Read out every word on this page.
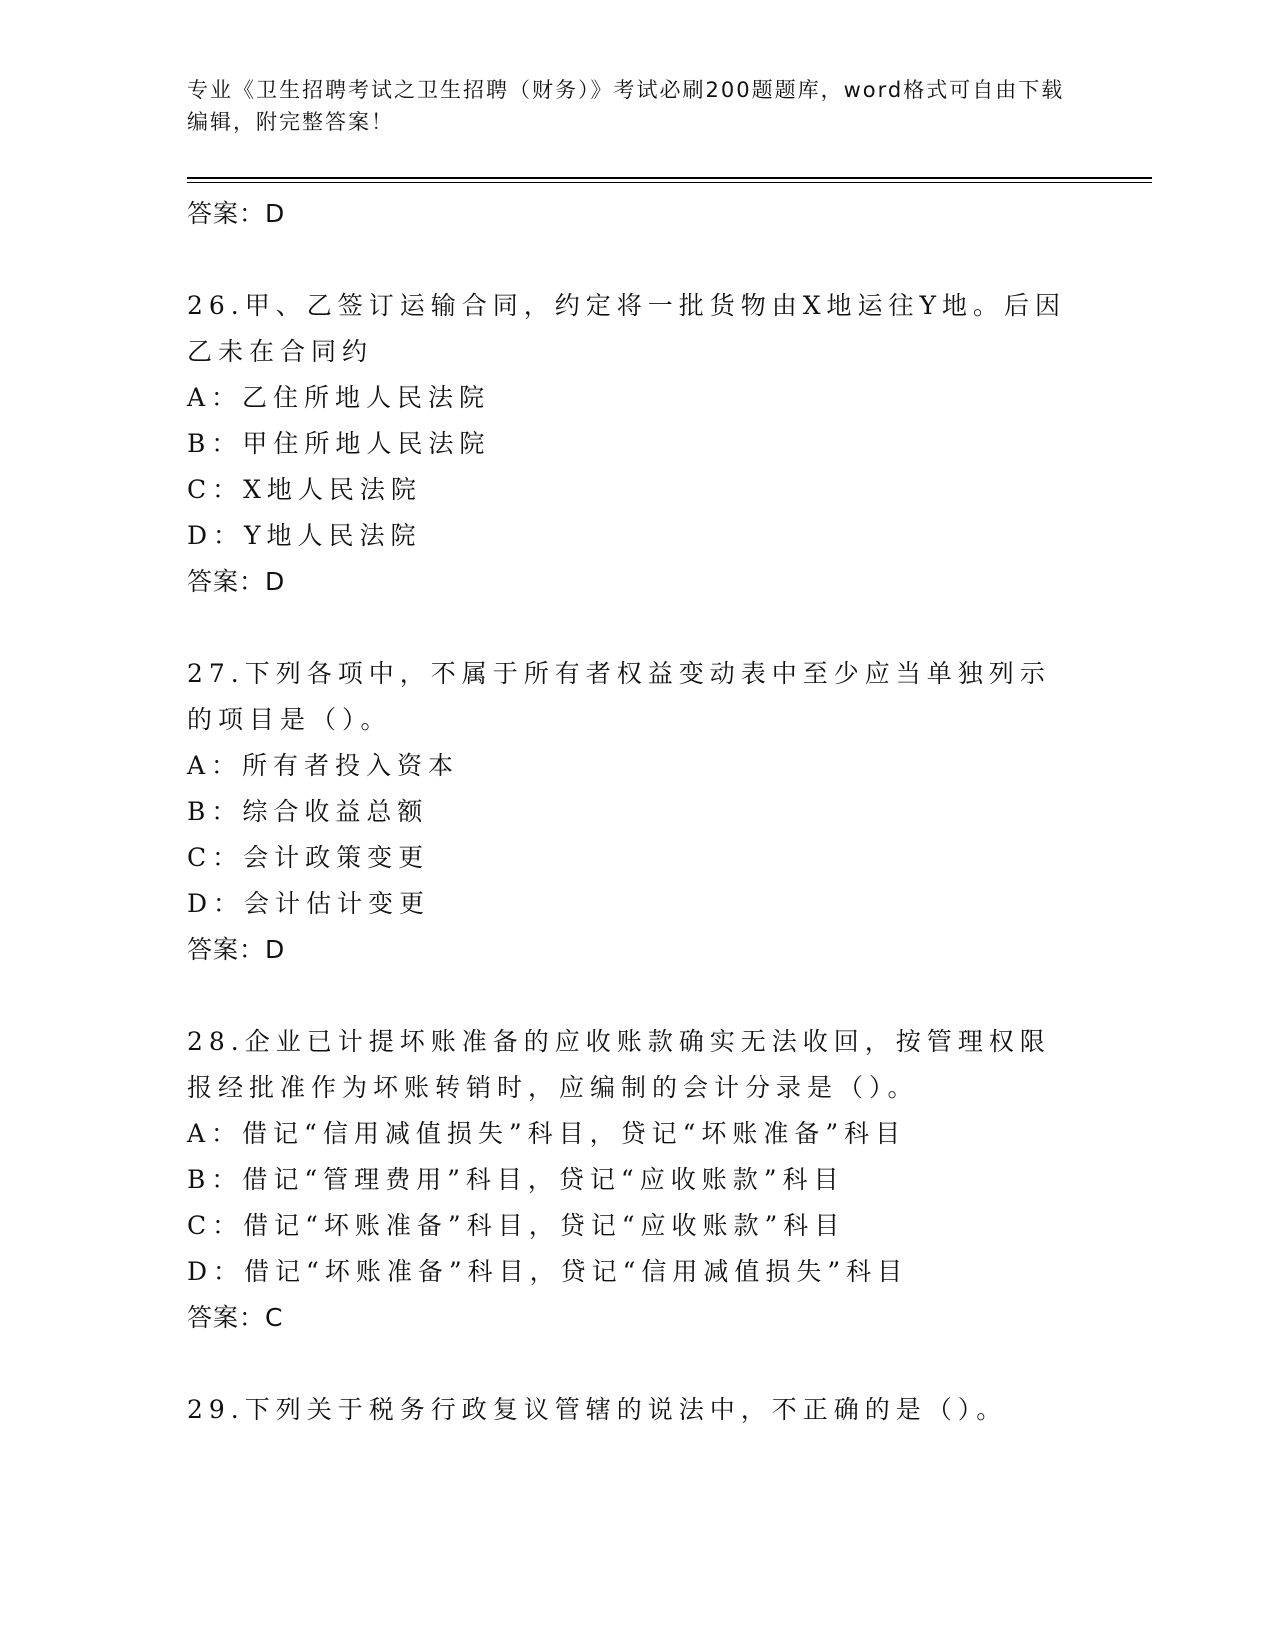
专业《卫生招聘考试之卫生招聘（财务）》考试必刷200题题库，word格式可自由下载编辑，附完整答案！
答案：D
26.甲、乙签订运输合同，约定将一批货物由X地运往Y地。后因乙未在合同约
A：乙住所地人民法院
B：甲住所地人民法院
C：X地人民法院
D：Y地人民法院
答案：D
27.下列各项中，不属于所有者权益变动表中至少应当单独列示的项目是（）。
A：所有者投入资本
B：综合收益总额
C：会计政策变更
D：会计估计变更
答案：D
28.企业已计提坏账准备的应收账款确实无法收回，按管理权限报经批准作为坏账转销时，应编制的会计分录是（）。
A：借记“信用减值损失”科目，贷记“坏账准备”科目
B：借记“管理费用”科目，贷记“应收账款”科目
C：借记“坏账准备”科目，贷记“应收账款”科目
D：借记“坏账准备”科目，贷记“信用减值损失”科目
答案：C
29.下列关于税务行政复议管辖的说法中，不正确的是（）。
